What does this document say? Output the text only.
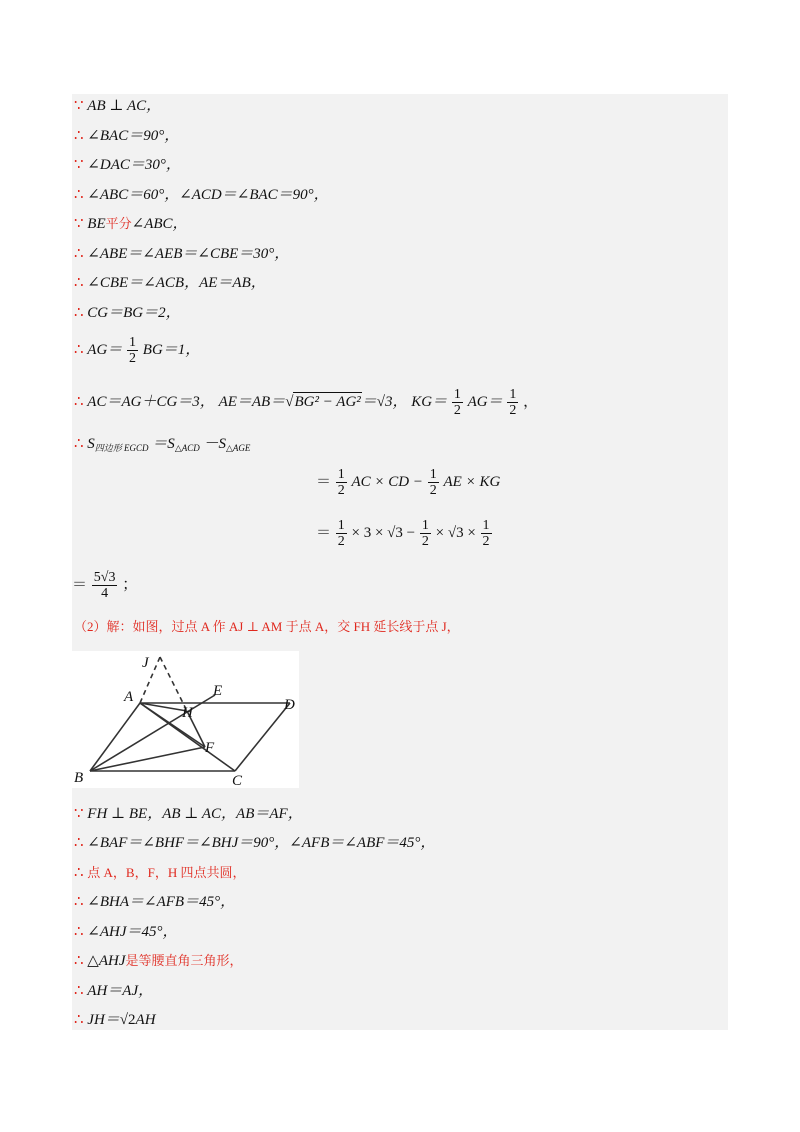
∵ AB ⊥ AC，
∴ ∠BAC＝90°，
∵ ∠DAC＝30°，
∴ ∠ABC＝60°，∠ACD＝∠BAC＝90°，
∵ BE平分∠ABC，
∴ ∠ABE＝∠AEB＝∠CBE＝30°，
∴ ∠CBE＝∠ACB，AE＝AB，
∴ CG＝BG＝2，
∴ $AG= \frac{1}{2} BG=1$，
∴ AC＝AG＋CG＝3， AE＝AB＝√BG² − AG²＝√3， $KG= \frac{1}{2} AG= \frac{1}{2}$ ，
∴ $S_{四边形 EGCD} =S_{\triangle ACD} -S_{\triangle AGE}$
＝ $\frac{1}{2}$ AC × CD − $\frac{1}{2}$ AE × KG
＝ $\frac{1}{2} \times 3 \times √3 - \frac{1}{2} \times √3 \times \frac{1}{2}$
＝ $\frac{5√3}{4}$ ；
（2）解：如图，过点 A 作 AJ ⊥ AM 于点 A，交 FH 延长线于点 J，
J
A	E
H	D
F
B	C
∵ FH ⊥ BE，AB ⊥ AC，AB＝AF，
∴ ∠BAF＝∠BHF＝∠BHJ＝90°，∠AFB＝∠ABF＝45°，
∴ 点 A，B，F，H 四点共圆，
∴ ∠BHA＝∠AFB＝45°，
∴ ∠AHJ＝45°，
∴ △AHJ是等腰直角三角形，
∴ AH＝AJ，
∴ JH＝√2AH
